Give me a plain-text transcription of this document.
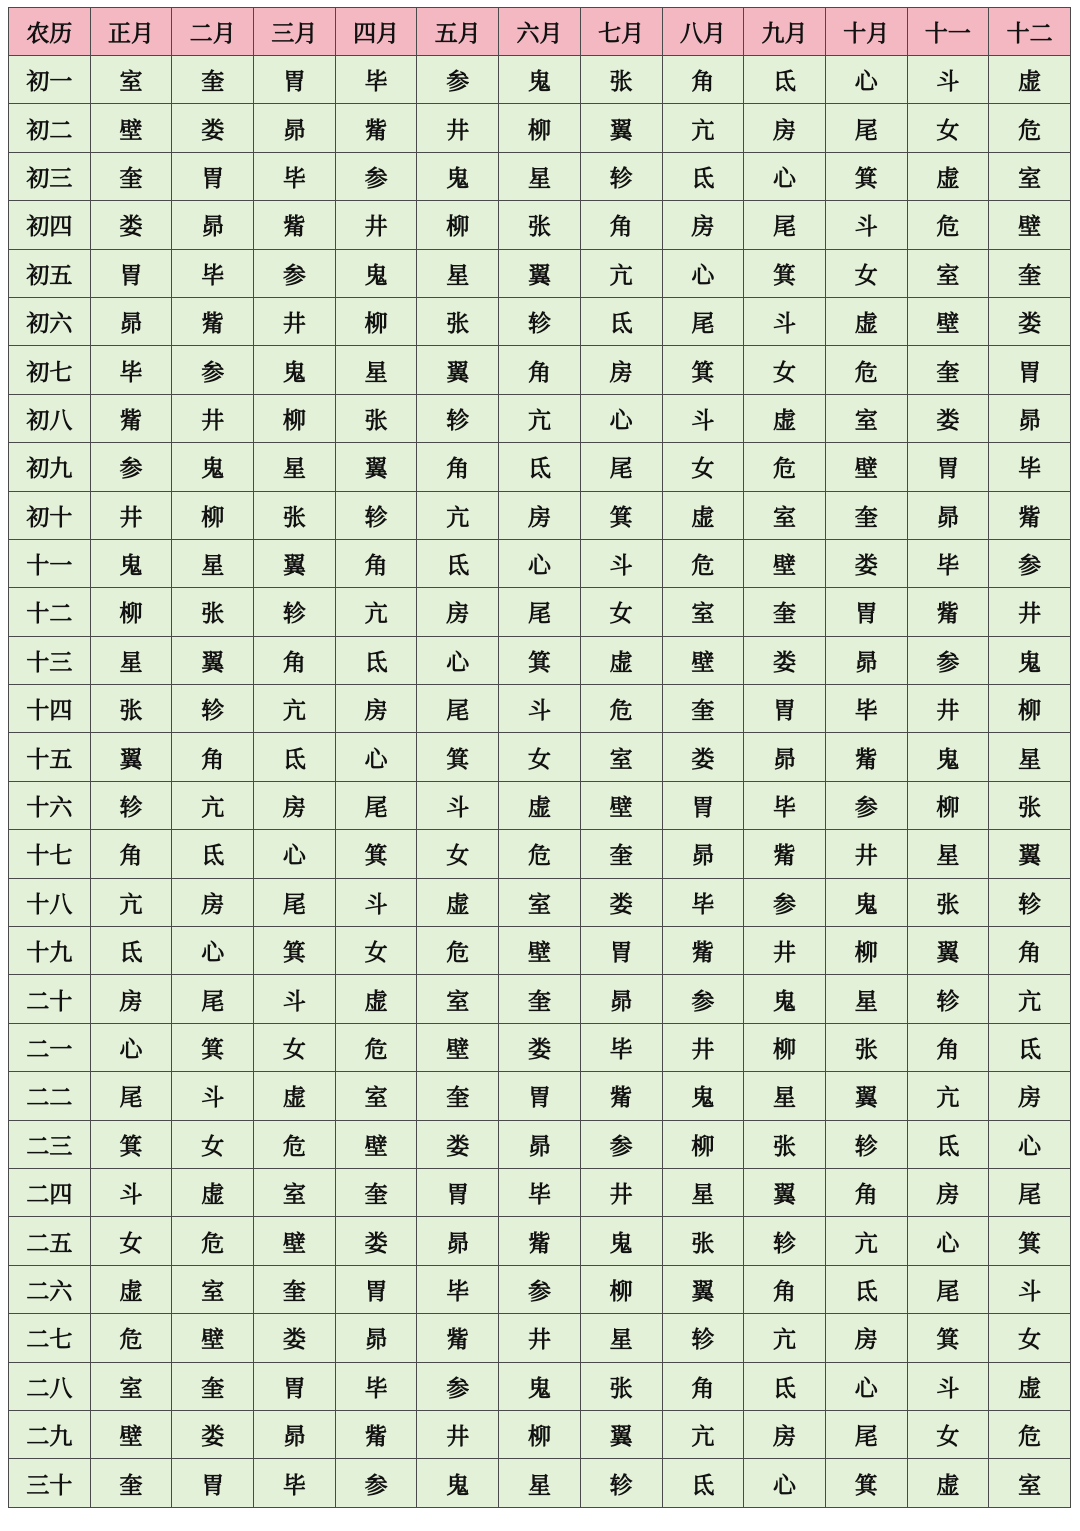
农历	正月	二月	三月	四月	五月	六月	七月	八月	九月	十月	十一	十二
初一	室	奎	胃	毕	参	鬼	张	角	氐	心	斗	虚
初二	壁	娄	昴	觜	井	柳	翼	亢	房	尾	女	危
初三	奎	胃	毕	参	鬼	星	轸	氐	心	箕	虚	室
初四	娄	昴	觜	井	柳	张	角	房	尾	斗	危	壁
初五	胃	毕	参	鬼	星	翼	亢	心	箕	女	室	奎
初六	昴	觜	井	柳	张	轸	氐	尾	斗	虚	壁	娄
初七	毕	参	鬼	星	翼	角	房	箕	女	危	奎	胃
初八	觜	井	柳	张	轸	亢	心	斗	虚	室	娄	昴
初九	参	鬼	星	翼	角	氐	尾	女	危	壁	胃	毕
初十	井	柳	张	轸	亢	房	箕	虚	室	奎	昴	觜
十一	鬼	星	翼	角	氐	心	斗	危	壁	娄	毕	参
十二	柳	张	轸	亢	房	尾	女	室	奎	胃	觜	井
十三	星	翼	角	氐	心	箕	虚	壁	娄	昴	参	鬼
十四	张	轸	亢	房	尾	斗	危	奎	胃	毕	井	柳
十五	翼	角	氐	心	箕	女	室	娄	昴	觜	鬼	星
十六	轸	亢	房	尾	斗	虚	壁	胃	毕	参	柳	张
十七	角	氐	心	箕	女	危	奎	昴	觜	井	星	翼
十八	亢	房	尾	斗	虚	室	娄	毕	参	鬼	张	轸
十九	氐	心	箕	女	危	壁	胃	觜	井	柳	翼	角
二十	房	尾	斗	虚	室	奎	昴	参	鬼	星	轸	亢
二一	心	箕	女	危	壁	娄	毕	井	柳	张	角	氐
二二	尾	斗	虚	室	奎	胃	觜	鬼	星	翼	亢	房
二三	箕	女	危	壁	娄	昴	参	柳	张	轸	氐	心
二四	斗	虚	室	奎	胃	毕	井	星	翼	角	房	尾
二五	女	危	壁	娄	昴	觜	鬼	张	轸	亢	心	箕
二六	虚	室	奎	胃	毕	参	柳	翼	角	氐	尾	斗
二七	危	壁	娄	昴	觜	井	星	轸	亢	房	箕	女
二八	室	奎	胃	毕	参	鬼	张	角	氐	心	斗	虚
二九	壁	娄	昴	觜	井	柳	翼	亢	房	尾	女	危
三十	奎	胃	毕	参	鬼	星	轸	氐	心	箕	虚	室
